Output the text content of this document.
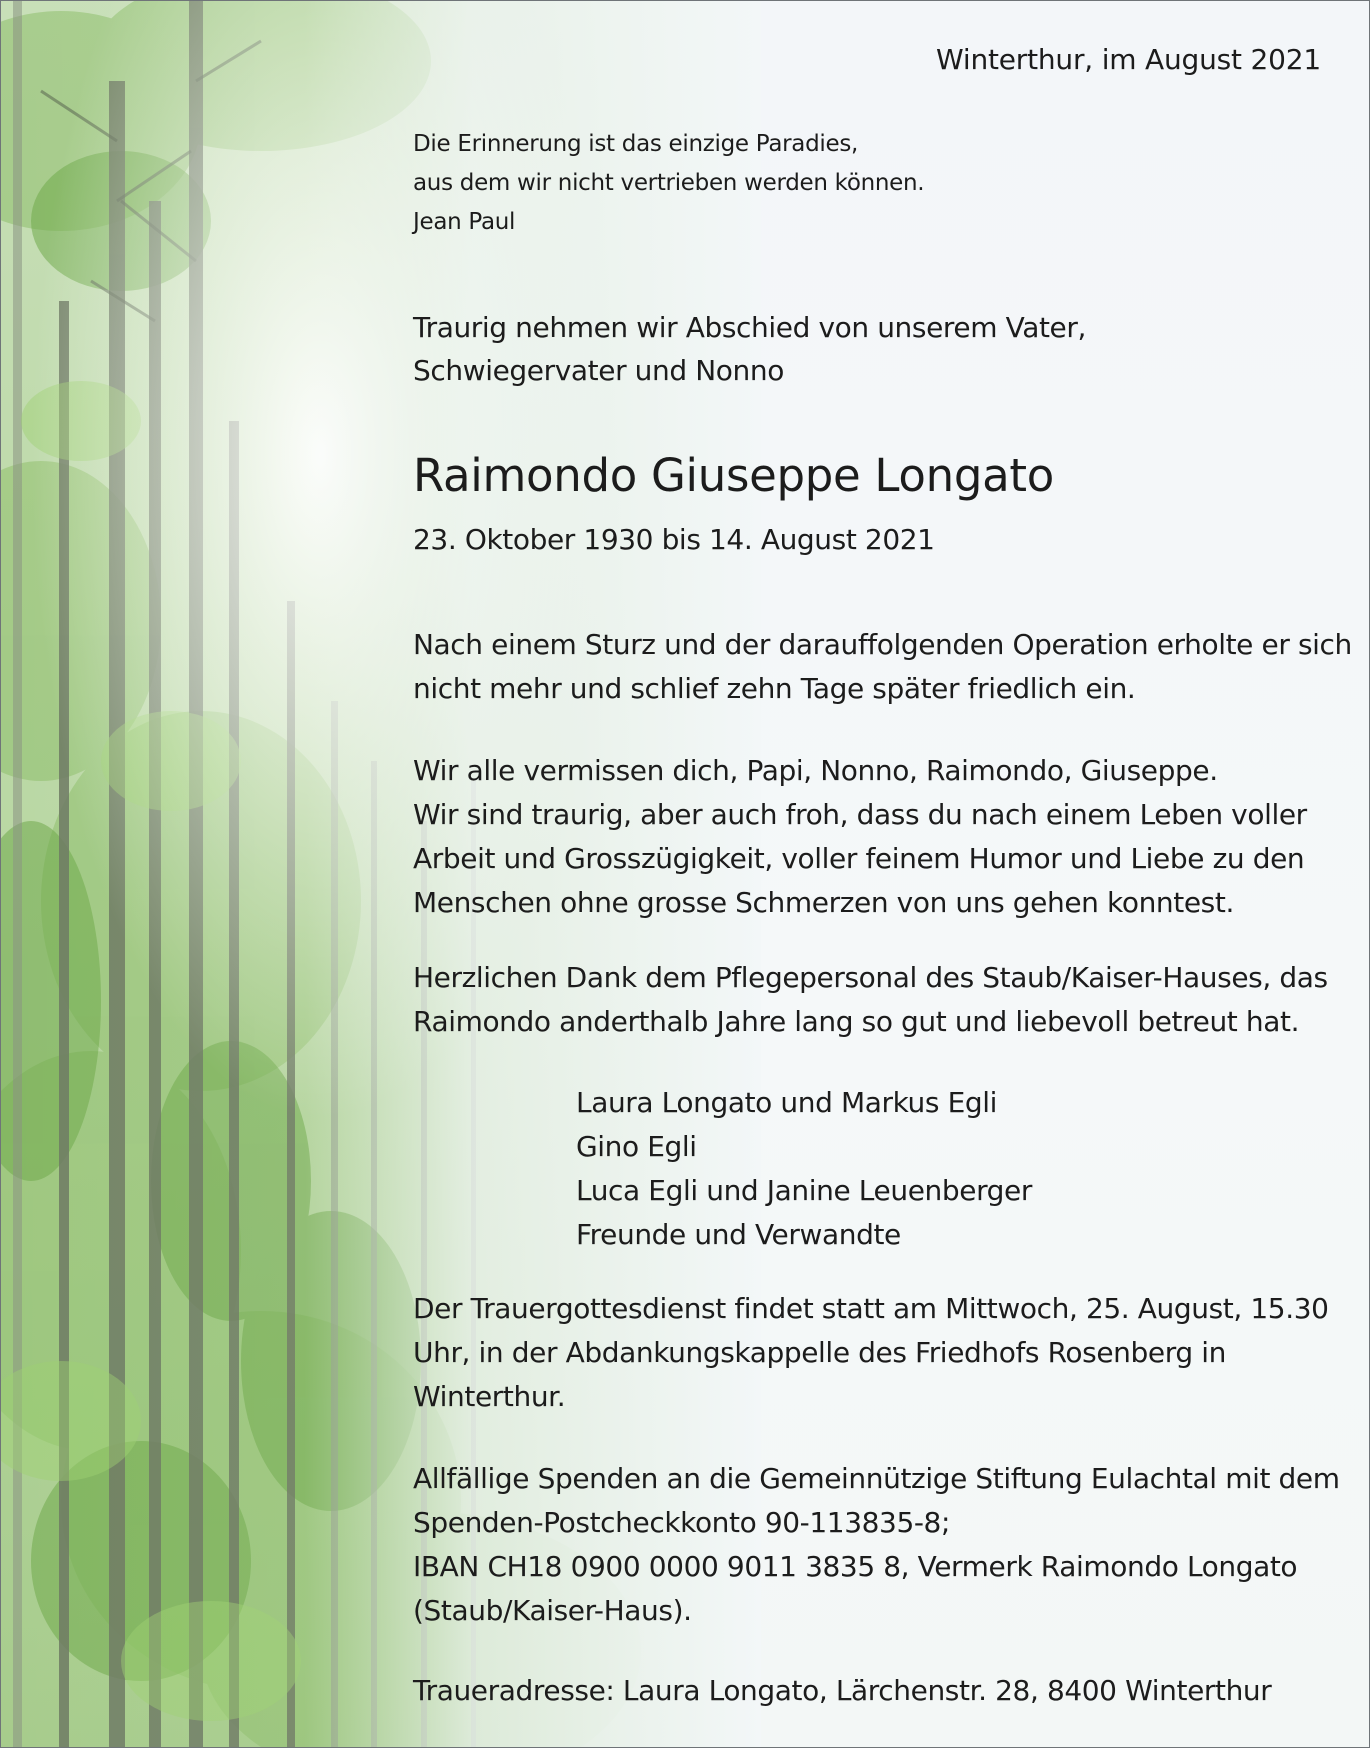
Winterthur, im August 2021
Die Erinnerung ist das einzige Paradies,
aus dem wir nicht vertrieben werden können.
Jean Paul
Traurig nehmen wir Abschied von unserem Vater,
Schwiegervater und Nonno
Raimondo Giuseppe Longato
23. Oktober 1930 bis 14. August 2021
Nach einem Sturz und der darauffolgenden Operation erholte er sich
nicht mehr und schlief zehn Tage später friedlich ein.
Wir alle vermissen dich, Papi, Nonno, Raimondo, Giuseppe.
Wir sind traurig, aber auch froh, dass du nach einem Leben voller
Arbeit und Grosszügigkeit, voller feinem Humor und Liebe zu den
Menschen ohne grosse Schmerzen von uns gehen konntest.
Herzlichen Dank dem Pflegepersonal des Staub/Kaiser-Hauses, das
Raimondo anderthalb Jahre lang so gut und liebevoll betreut hat.
Laura Longato und Markus Egli
Gino Egli
Luca Egli und Janine Leuenberger
Freunde und Verwandte
Der Trauergottesdienst findet statt am Mittwoch, 25. August, 15.30
Uhr, in der Abdankungskappelle des Friedhofs Rosenberg in
Winterthur.
Allfällige Spenden an die Gemeinnützige Stiftung Eulachtal mit dem
Spenden-Postcheckkonto 90-113835-8;
IBAN CH18 0900 0000 9011 3835 8, Vermerk Raimondo Longato
(Staub/Kaiser-Haus).
Traueradresse: Laura Longato, Lärchenstr. 28, 8400 Winterthur
